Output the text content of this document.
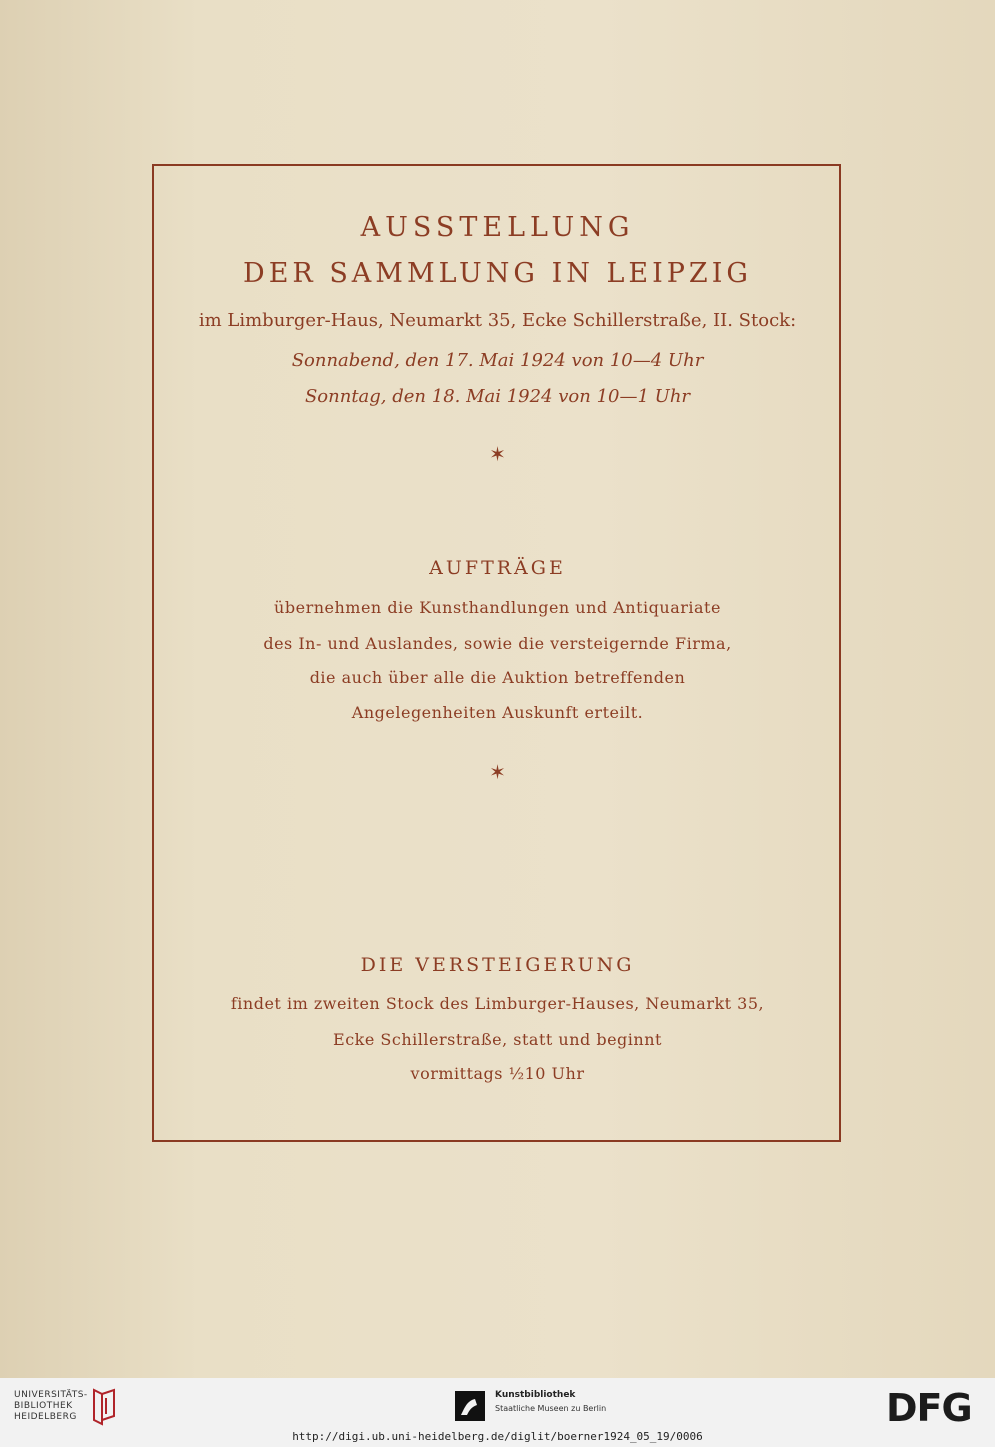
AUSSTELLUNG
DER SAMMLUNG IN LEIPZIG
im Limburger-Haus, Neumarkt 35, Ecke Schillerstraße, II. Stock:
Sonnabend, den 17. Mai 1924 von 10—4 Uhr
Sonntag, den 18. Mai 1924 von 10—1 Uhr
✶
AUFTRÄGE
übernehmen die Kunsthandlungen und Antiquariate
des In- und Auslandes, sowie die versteigernde Firma,
die auch über alle die Auktion betreffenden
Angelegenheiten Auskunft erteilt.
✶
DIE VERSTEIGERUNG
findet im zweiten Stock des Limburger-Hauses, Neumarkt 35,
Ecke Schillerstraße, statt und beginnt
vormittags ½10 Uhr
UNIVERSITÄTS-
BIBLIOTHEK
HEIDELBERG
Kunstbibliothek
Staatliche Museen zu Berlin	DFG
http://digi.ub.uni-heidelberg.de/diglit/boerner1924_05_19/0006
